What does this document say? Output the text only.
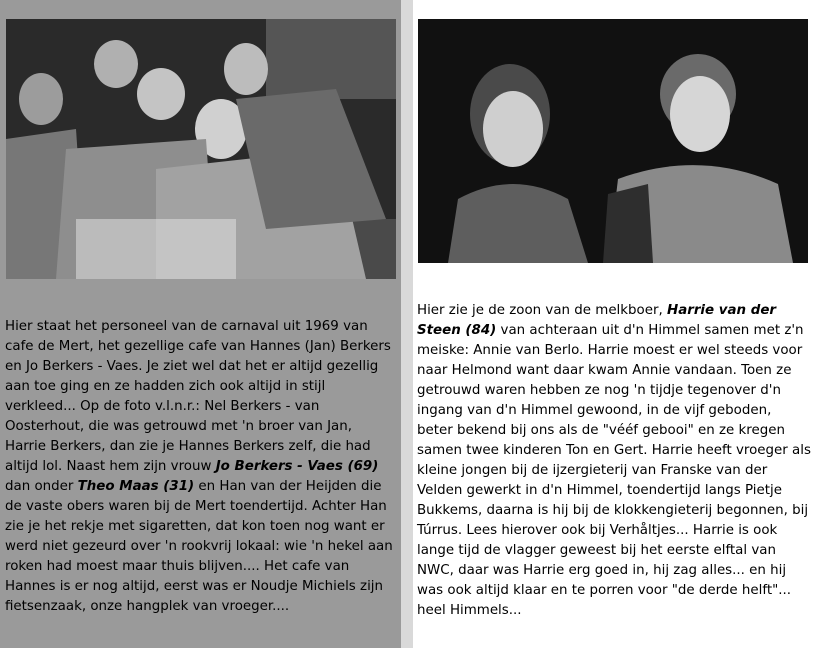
Hier staat het personeel van de carnaval uit 1969 van cafe de Mert, het gezellige cafe van Hannes (Jan) Berkers en Jo Berkers - Vaes. Je ziet wel dat het er altijd gezellig aan toe ging en ze hadden zich ook altijd in stijl verkleed... Op de foto v.l.n.r.: Nel Berkers - van Oosterhout, die was getrouwd met 'n broer van Jan, Harrie Berkers, dan zie je Hannes Berkers zelf, die had altijd lol. Naast hem zijn vrouw Jo Berkers - Vaes (69) dan onder Theo Maas (31) en Han van der Heijden die de vaste obers waren bij de Mert toendertijd. Achter Han zie je het rekje met sigaretten, dat kon toen nog want er werd niet gezeurd over 'n rookvrij lokaal: wie 'n hekel aan roken had moest maar thuis blijven.... Het cafe van Hannes is er nog altijd, eerst was er Noudje Michiels zijn fietsenzaak, onze hangplek van vroeger....

Hier zie je de zoon van de melkboer, Harrie van der Steen (84) van achteraan uit d'n Himmel samen met z'n meiske: Annie van Berlo. Harrie moest er wel steeds voor naar Helmond want daar kwam Annie vandaan. Toen ze getrouwd waren hebben ze nog 'n tijdje tegenover d'n ingang van d'n Himmel gewoond, in de vijf geboden, beter bekend bij ons als de "vééf gebooi" en ze kregen samen twee kinderen Ton en Gert. Harrie heeft vroeger als kleine jongen bij de ijzergieterij van Franske van der Velden gewerkt in d'n Himmel, toendertijd langs Pietje Bukkems, daarna is hij bij de klokkengieterij begonnen, bij Túrrus. Lees hierover ook bij Verhåltjes... Harrie is ook lange tijd de vlagger geweest bij het eerste elftal van NWC, daar was Harrie erg goed in, hij zag alles... en hij was ook altijd klaar en te porren voor "de derde helft"... heel Himmels...
